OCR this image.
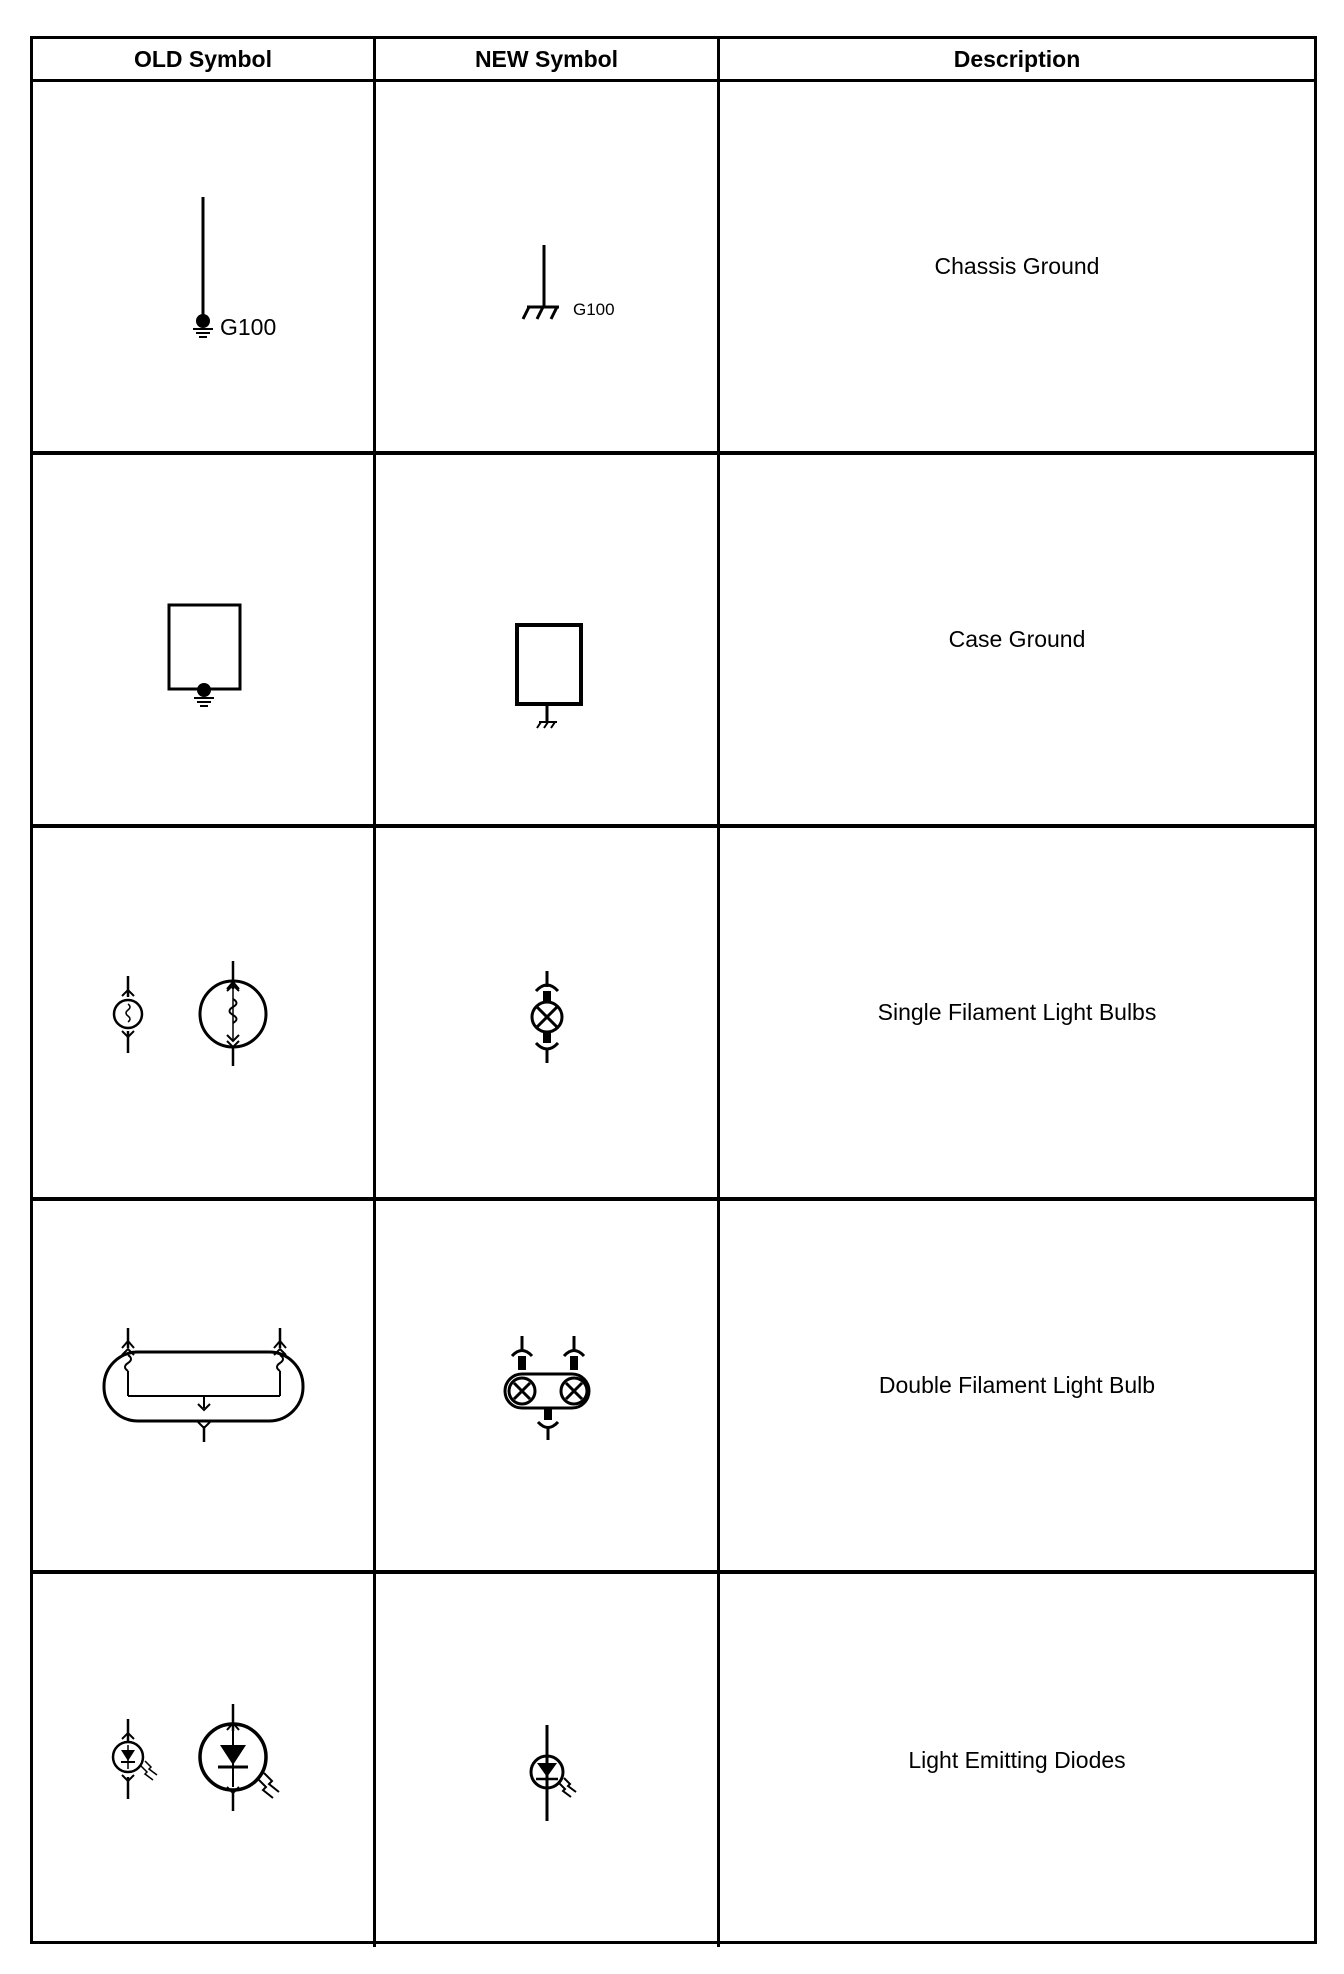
OLD Symbol	NEW Symbol	Description
G100
G100
Chassis Ground
Case Ground
Single Filament Light Bulbs
Double Filament Light Bulb
Light Emitting Diodes
